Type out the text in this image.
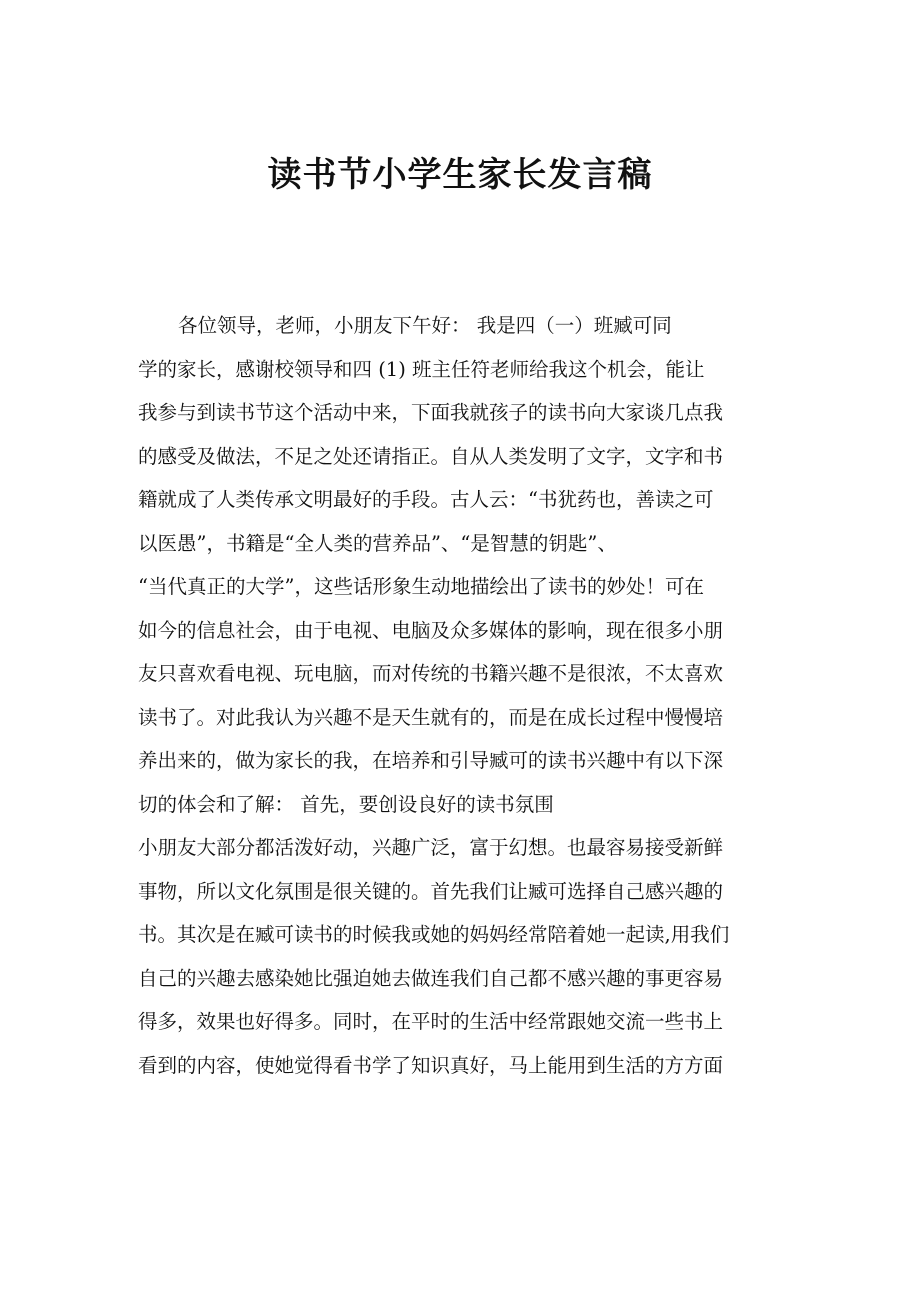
读书节小学生家长发言稿
各位领导，老师，小朋友下午好： 我是四（一）班臧可同
学的家长，感谢校领导和四 (1) 班主任符老师给我这个机会，能让
我参与到读书节这个活动中来，下面我就孩子的读书向大家谈几点我
的感受及做法，不足之处还请指正。自从人类发明了文字，文字和书
籍就成了人类传承文明最好的手段。古人云：“书犹药也，善读之可
以医愚”，书籍是“全人类的营养品”、“是智慧的钥匙”、
“当代真正的大学”，这些话形象生动地描绘出了读书的妙处！可在
如今的信息社会，由于电视、电脑及众多媒体的影响，现在很多小朋
友只喜欢看电视、玩电脑，而对传统的书籍兴趣不是很浓，不太喜欢
读书了。对此我认为兴趣不是天生就有的，而是在成长过程中慢慢培
养出来的，做为家长的我，在培养和引导臧可的读书兴趣中有以下深
切的体会和了解： 首先，要创设良好的读书氛围
小朋友大部分都活泼好动，兴趣广泛，富于幻想。也最容易接受新鲜
事物，所以文化氛围是很关键的。首先我们让臧可选择自己感兴趣的
书。其次是在臧可读书的时候我或她的妈妈经常陪着她一起读,用我们
自己的兴趣去感染她比强迫她去做连我们自己都不感兴趣的事更容易
得多，效果也好得多。同时，在平时的生活中经常跟她交流一些书上
看到的内容，使她觉得看书学了知识真好，马上能用到生活的方方面
